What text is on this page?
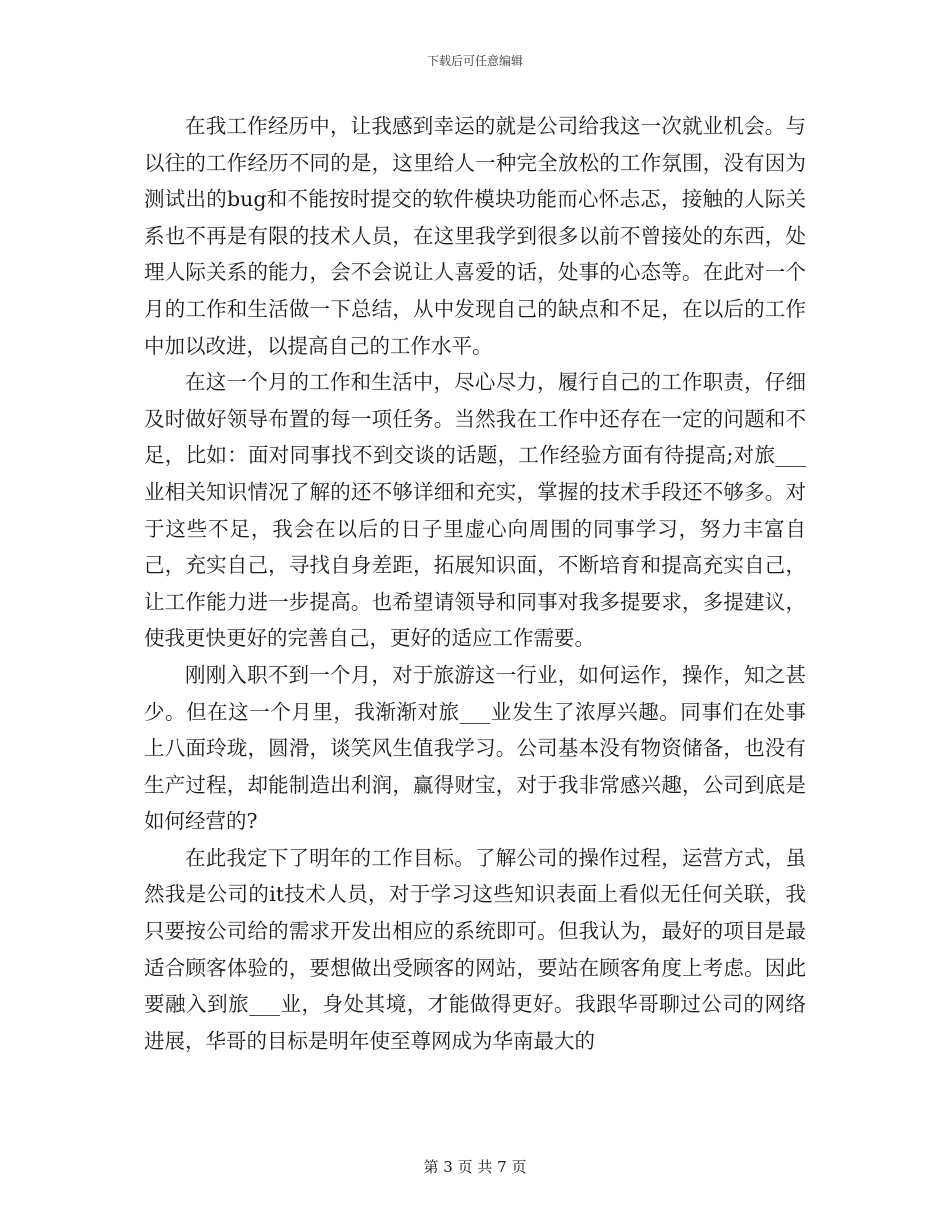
下载后可任意编辑

在我工作经历中，让我感到幸运的就是公司给我这一次就业机会。与以往的工作经历不同的是，这里给人一种完全放松的工作氛围，没有因为测试出的bug和不能按时提交的软件模块功能而心怀忐忑，接触的人际关系也不再是有限的技术人员，在这里我学到很多以前不曾接处的东西，处理人际关系的能力，会不会说让人喜爱的话，处事的心态等。在此对一个月的工作和生活做一下总结，从中发现自己的缺点和不足，在以后的工作中加以改进，以提高自己的工作水平。

在这一个月的工作和生活中，尽心尽力，履行自己的工作职责，仔细及时做好领导布置的每一项任务。当然我在工作中还存在一定的问题和不足，比如：面对同事找不到交谈的话题，工作经验方面有待提高;对旅___业相关知识情况了解的还不够详细和充实，掌握的技术手段还不够多。对于这些不足，我会在以后的日子里虚心向周围的同事学习，努力丰富自己，充实自己，寻找自身差距，拓展知识面，不断培育和提高充实自己，让工作能力进一步提高。也希望请领导和同事对我多提要求，多提建议，使我更快更好的完善自己，更好的适应工作需要。

刚刚入职不到一个月，对于旅游这一行业，如何运作，操作，知之甚少。但在这一个月里，我渐渐对旅___业发生了浓厚兴趣。同事们在处事上八面玲珑，圆滑，谈笑风生值我学习。公司基本没有物资储备，也没有生产过程，却能制造出利润，赢得财宝，对于我非常感兴趣，公司到底是如何经营的?

在此我定下了明年的工作目标。了解公司的操作过程，运营方式，虽然我是公司的it技术人员，对于学习这些知识表面上看似无任何关联，我只要按公司给的需求开发出相应的系统即可。但我认为，最好的项目是最适合顾客体验的，要想做出受顾客的网站，要站在顾客角度上考虑。因此要融入到旅___业，身处其境，才能做得更好。我跟华哥聊过公司的网络进展，华哥的目标是明年使至尊网成为华南最大的

第 3 页 共 7 页
